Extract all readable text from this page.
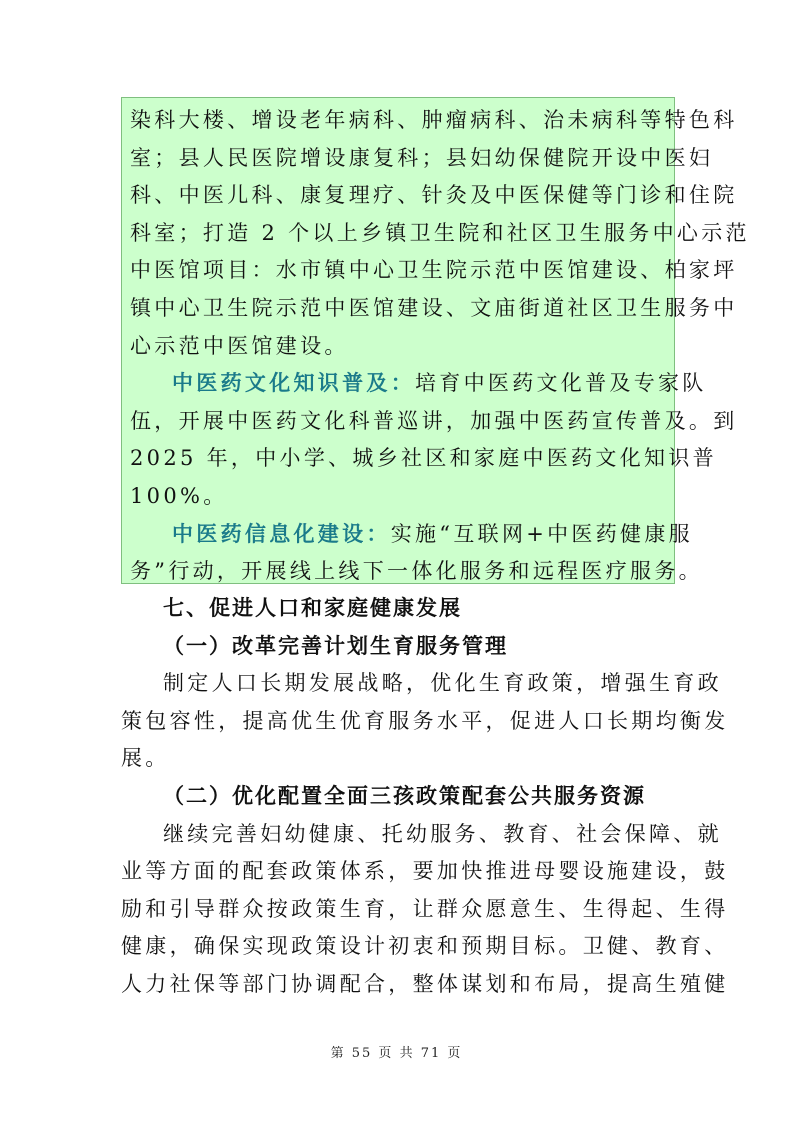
染科大楼、增设老年病科、肿瘤病科、治未病科等特色科
室；县人民医院增设康复科；县妇幼保健院开设中医妇
科、中医儿科、康复理疗、针灸及中医保健等门诊和住院
科室；打造 2 个以上乡镇卫生院和社区卫生服务中心示范
中医馆项目：水市镇中心卫生院示范中医馆建设、柏家坪
镇中心卫生院示范中医馆建设、文庙街道社区卫生服务中
心示范中医馆建设。
中医药文化知识普及：培育中医药文化普及专家队
伍，开展中医药文化科普巡讲，加强中医药宣传普及。到
2025 年，中小学、城乡社区和家庭中医药文化知识普
100%。
中医药信息化建设：实施“互联网+中医药健康服
务”行动，开展线上线下一体化服务和远程医疗服务。
七、促进人口和家庭健康发展
（一）改革完善计划生育服务管理
制定人口长期发展战略，优化生育政策，增强生育政
策包容性，提高优生优育服务水平，促进人口长期均衡发
展。
（二）优化配置全面三孩政策配套公共服务资源
继续完善妇幼健康、托幼服务、教育、社会保障、就
业等方面的配套政策体系，要加快推进母婴设施建设，鼓
励和引导群众按政策生育，让群众愿意生、生得起、生得
健康，确保实现政策设计初衷和预期目标。卫健、教育、
人力社保等部门协调配合，整体谋划和布局，提高生殖健
第 55 页 共 71 页
